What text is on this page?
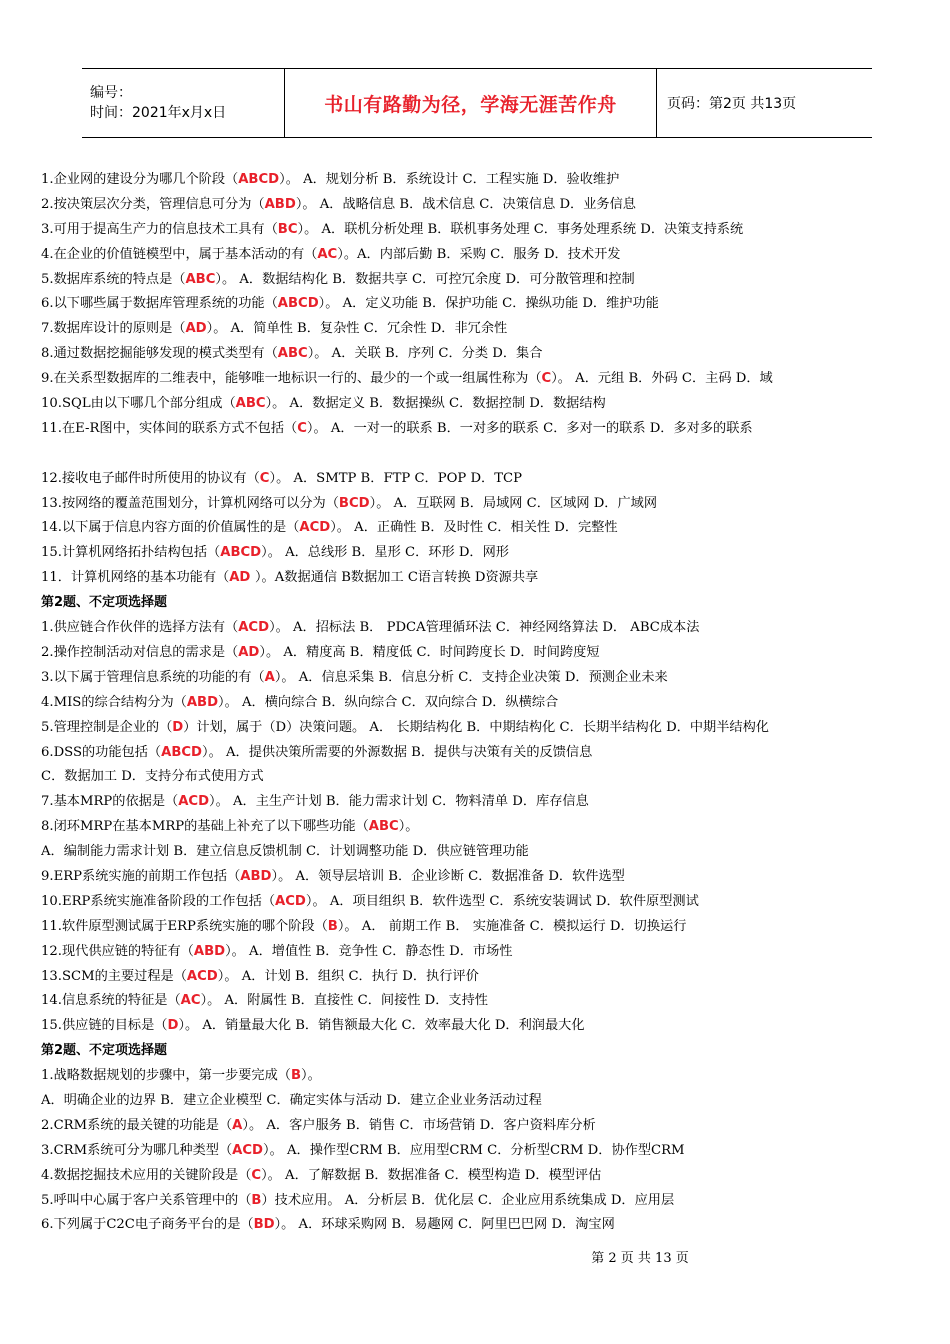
编号：
时间：2021年x月x日	书山有路勤为径，学海无涯苦作舟	页码：第2页 共13页
1.企业网的建设分为哪几个阶段（ABCD）。 A．规划分析 B．系统设计 C．工程实施 D．验收维护
2.按决策层次分类，管理信息可分为（ABD）。 A．战略信息 B．战术信息 C．决策信息 D．业务信息
3.可用于提高生产力的信息技术工具有（BC）。 A．联机分析处理 B．联机事务处理 C．事务处理系统 D．决策支持系统
4.在企业的价值链模型中，属于基本活动的有（AC）。A．内部后勤 B．采购 C．服务 D．技术开发
5.数据库系统的特点是（ABC）。 A．数据结构化 B．数据共享 C．可控冗余度 D．可分散管理和控制
6.以下哪些属于数据库管理系统的功能（ABCD）。 A．定义功能 B．保护功能 C．操纵功能 D．维护功能
7.数据库设计的原则是（AD）。 A．简单性 B．复杂性 C．冗余性 D．非冗余性
8.通过数据挖掘能够发现的模式类型有（ABC）。 A．关联 B．序列 C．分类 D．集合
9.在关系型数据库的二维表中，能够唯一地标识一行的、最少的一个或一组属性称为（C）。 A．元组 B．外码 C．主码 D．域
10.SQL由以下哪几个部分组成（ABC）。 A．数据定义 B．数据操纵 C．数据控制 D．数据结构
11.在E-R图中，实体间的联系方式不包括（C）。 A．一对一的联系 B．一对多的联系 C．多对一的联系 D．多对多的联系
12.接收电子邮件时所使用的协议有（C）。 A．SMTP B．FTP C．POP D．TCP
13.按网络的覆盖范围划分，计算机网络可以分为（BCD）。 A．互联网 B．局域网 C．区域网 D．广域网
14.以下属于信息内容方面的价值属性的是（ACD）。 A．正确性 B．及时性 C．相关性 D．完整性
15.计算机网络拓扑结构包括（ABCD）。 A．总线形 B．星形 C．环形 D．网形
11．计算机网络的基本功能有（AD ）。A数据通信 B数据加工 C语言转换 D资源共享
第2题、不定项选择题
1.供应链合作伙伴的选择方法有（ACD）。 A．招标法 B． PDCA管理循环法 C．神经网络算法 D． ABC成本法
2.操作控制活动对信息的需求是（AD）。 A．精度高 B．精度低 C．时间跨度长 D．时间跨度短
3.以下属于管理信息系统的功能的有（A）。 A．信息采集 B．信息分析 C．支持企业决策 D．预测企业未来
4.MIS的综合结构分为（ABD）。 A．横向综合 B．纵向综合 C．双向综合 D．纵横综合
5.管理控制是企业的（D）计划，属于（D）决策问题。 A． 长期结构化 B．中期结构化 C．长期半结构化 D．中期半结构化
6.DSS的功能包括（ABCD）。 A．提供决策所需要的外源数据 B．提供与决策有关的反馈信息
C．数据加工 D．支持分布式使用方式
7.基本MRP的依据是（ACD）。 A．主生产计划 B．能力需求计划 C．物料清单 D．库存信息
8.闭环MRP在基本MRP的基础上补充了以下哪些功能（ABC）。
A．编制能力需求计划 B．建立信息反馈机制 C．计划调整功能 D．供应链管理功能
9.ERP系统实施的前期工作包括（ABD）。 A．领导层培训 B．企业诊断 C．数据准备 D．软件选型
10.ERP系统实施准备阶段的工作包括（ACD）。 A．项目组织 B．软件选型 C．系统安装调试 D．软件原型测试
11.软件原型测试属于ERP系统实施的哪个阶段（B）。 A． 前期工作 B． 实施准备 C．模拟运行 D．切换运行
12.现代供应链的特征有（ABD）。 A．增值性 B．竞争性 C．静态性 D．市场性
13.SCM的主要过程是（ACD）。 A．计划 B．组织 C．执行 D．执行评价
14.信息系统的特征是（AC）。 A．附属性 B．直接性 C．间接性 D．支持性
15.供应链的目标是（D）。 A．销量最大化 B．销售额最大化 C．效率最大化 D．利润最大化
第2题、不定项选择题
1.战略数据规划的步骤中，第一步要完成（B）。
A．明确企业的边界 B．建立企业模型 C．确定实体与活动 D．建立企业业务活动过程
2.CRM系统的最关键的功能是（A）。 A．客户服务 B．销售 C．市场营销 D．客户资料库分析
3.CRM系统可分为哪几种类型（ACD）。 A．操作型CRM B．应用型CRM C．分析型CRM D．协作型CRM
4.数据挖掘技术应用的关键阶段是（C）。 A．了解数据 B．数据准备 C．模型构造 D．模型评估
5.呼叫中心属于客户关系管理中的（B）技术应用。 A．分析层 B．优化层 C．企业应用系统集成 D．应用层
6.下列属于C2C电子商务平台的是（BD）。 A．环球采购网 B．易趣网 C．阿里巴巴网 D．淘宝网
第 2 页 共 13 页
